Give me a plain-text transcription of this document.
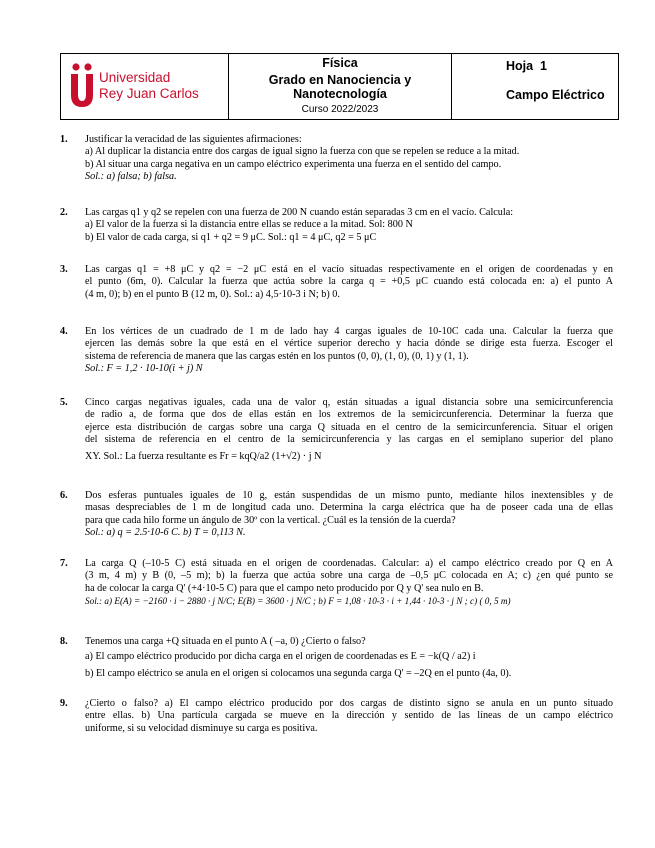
Universidad
Rey Juan Carlos
Física
Grado en Nanociencia y Nanotecnología
Curso 2022/2023
Hoja  1
Campo Eléctrico
1. Justificar la veracidad de las siguientes afirmaciones:
a) Al duplicar la distancia entre dos cargas de igual signo la fuerza con que se repelen se reduce a la mitad.
b) Al situar una carga negativa en un campo eléctrico experimenta una fuerza en el sentido del campo.
Sol.: a) falsa; b) falsa.
2. Las cargas q1 y q2 se repelen con una fuerza de 200 N cuando están separadas 3 cm en el vacío. Calcula:
a) El valor de la fuerza si la distancia entre ellas se reduce a la mitad. Sol: 800 N
b) El valor de cada carga, si q1 + q2 = 9 μC. Sol.: q1 = 4 μC, q2 = 5 μC
3. Las cargas q1 = +8 μC y q2 = −2 μC está en el vacío situadas respectivamente en el origen de coordenadas y en
el punto (6m, 0). Calcular la fuerza que actúa sobre la carga q = +0,5 μC cuando está colocada en: a) el punto A
(4 m, 0); b) en el punto B (12 m, 0). Sol.: a) 4,5·10-3 i N; b) 0.
4. En los vértices de un cuadrado de 1 m de lado hay 4 cargas iguales de 10-10C cada una. Calcular la fuerza que
ejercen las demás sobre la que está en el vértice superior derecho y hacia dónde se dirige esta fuerza. Escoger el
sistema de referencia de manera que las cargas estén en los puntos (0, 0), (1, 0), (0, 1) y (1, 1).
Sol.: F = 1,2 · 10-10(i + j) N
5. Cinco cargas negativas iguales, cada una de valor q, están situadas a igual distancia sobre una semicircunferencia
de radio a, de forma que dos de ellas están en los extremos de la semicircunferencia. Determinar la fuerza que
ejerce esta distribución de cargas sobre una carga Q situada en el centro de la semicircunferencia. Situar el origen
del sistema de referencia en el centro de la semicircunferencia y las cargas en el semiplano superior del plano
XY. Sol.: La fuerza resultante es Fr = kqQ/a2 (1+√2) · j N
6. Dos esferas puntuales iguales de 10 g, están suspendidas de un mismo punto, mediante hilos inextensibles y de
masas despreciables de 1 m de longitud cada uno. Determina la carga eléctrica que ha de poseer cada una de ellas
para que cada hilo forme un ángulo de 30º con la vertical. ¿Cuál es la tensión de la cuerda?
Sol.: a) q = 2.5·10-6 C. b) T = 0,113 N.
7. La carga Q (–10-5 C) está situada en el origen de coordenadas. Calcular: a) el campo eléctrico creado por Q en A
(3 m, 4 m) y B (0, –5 m); b) la fuerza que actúa sobre una carga de –0,5 μC colocada en A; c) ¿en qué punto se
ha de colocar la carga Q' (+4·10-5 C) para que el campo neto producido por Q y Q' sea nulo en B.
Sol.: a) E(A) = −2160 · i − 2880 · j N/C; E(B) = 3600 · j N/C ; b) F = 1,08 · 10-3 · i + 1,44 · 10-3 · j N ; c) ( 0, 5 m)
8. Tenemos una carga +Q situada en el punto A ( –a, 0) ¿Cierto o falso?
a) El campo eléctrico producido por dicha carga en el origen de coordenadas es E = −k(Q / a2) i
b) El campo eléctrico se anula en el origen si colocamos una segunda carga Q' = –2Q en el punto (4a, 0).
9. ¿Cierto o falso? a) El campo eléctrico producido por dos cargas de distinto signo se anula en un punto situado
entre ellas. b) Una partícula cargada se mueve en la dirección y sentido de las líneas de un campo eléctrico
uniforme, si su velocidad disminuye su carga es positiva.
